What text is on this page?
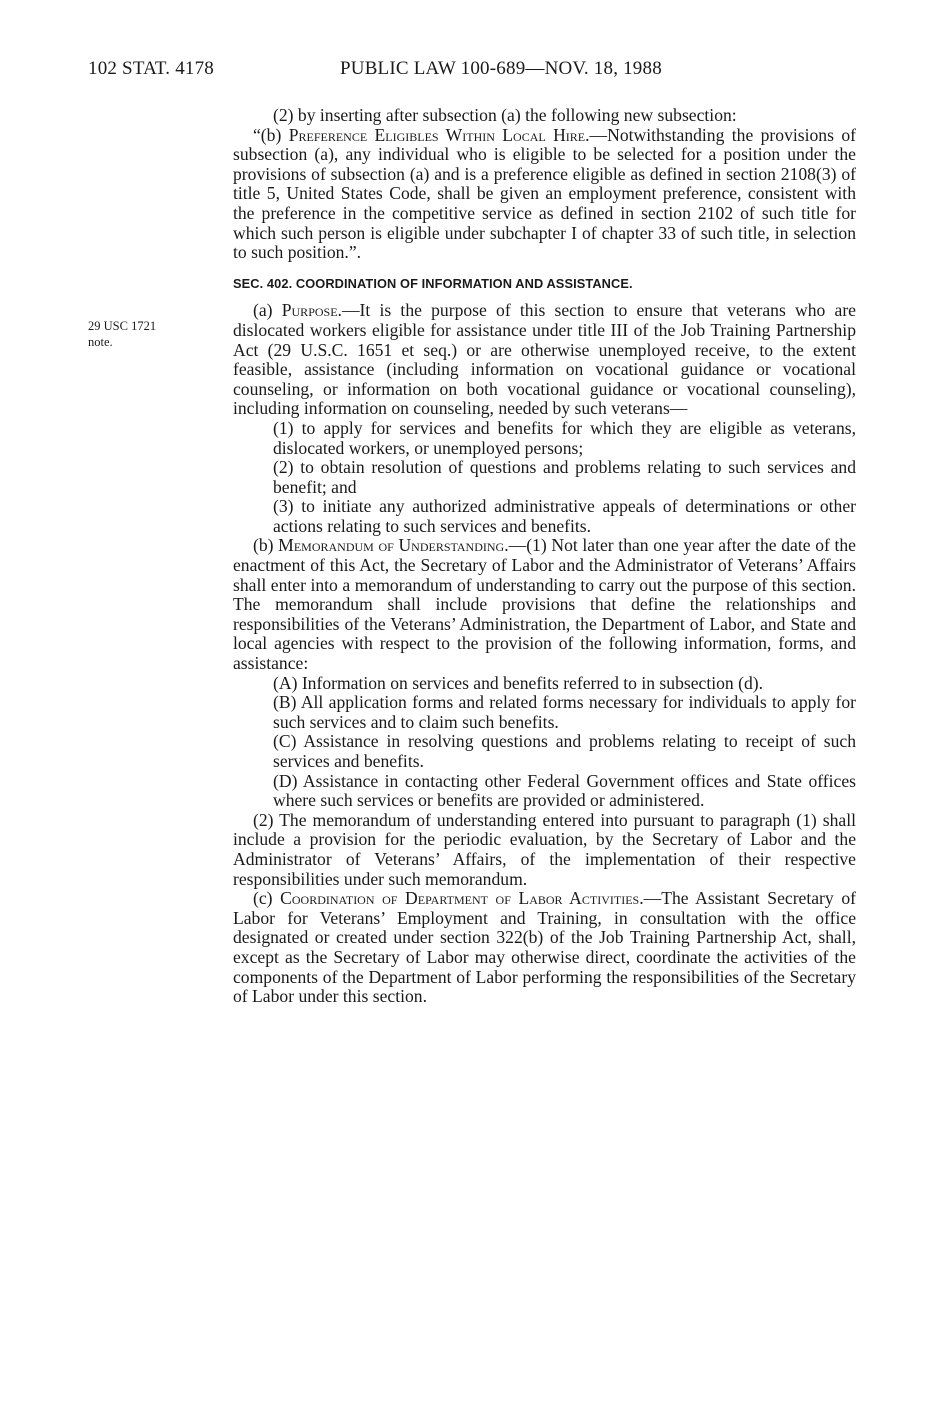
102 STAT. 4178	PUBLIC LAW 100-689—NOV. 18, 1988
29 USC 1721
note.

(2) by inserting after subsection (a) the following new subsection:

“(b) Preference Eligibles Within Local Hire.—Notwithstanding the provisions of subsection (a), any individual who is eligible to be selected for a position under the provisions of subsection (a) and is a preference eligible as defined in section 2108(3) of title 5, United States Code, shall be given an employment preference, consistent with the preference in the competitive service as defined in section 2102 of such title for which such person is eligible under subchapter I of chapter 33 of such title, in selection to such position.”.

SEC. 402. COORDINATION OF INFORMATION AND ASSISTANCE.

(a) Purpose.—It is the purpose of this section to ensure that veterans who are dislocated workers eligible for assistance under title III of the Job Training Partnership Act (29 U.S.C. 1651 et seq.) or are otherwise unemployed receive, to the extent feasible, assistance (including information on vocational guidance or vocational counseling, or information on both vocational guidance or vocational counseling), including information on counseling, needed by such veterans—

(1) to apply for services and benefits for which they are eligible as veterans, dislocated workers, or unemployed persons;

(2) to obtain resolution of questions and problems relating to such services and benefit; and

(3) to initiate any authorized administrative appeals of determinations or other actions relating to such services and benefits.

(b) Memorandum of Understanding.—(1) Not later than one year after the date of the enactment of this Act, the Secretary of Labor and the Administrator of Veterans’ Affairs shall enter into a memorandum of understanding to carry out the purpose of this section. The memorandum shall include provisions that define the relationships and responsibilities of the Veterans’ Administration, the Department of Labor, and State and local agencies with respect to the provision of the following information, forms, and assistance:

(A) Information on services and benefits referred to in subsection (d).

(B) All application forms and related forms necessary for individuals to apply for such services and to claim such benefits.

(C) Assistance in resolving questions and problems relating to receipt of such services and benefits.

(D) Assistance in contacting other Federal Government offices and State offices where such services or benefits are provided or administered.

(2) The memorandum of understanding entered into pursuant to paragraph (1) shall include a provision for the periodic evaluation, by the Secretary of Labor and the Administrator of Veterans’ Affairs, of the implementation of their respective responsibilities under such memorandum.

(c) Coordination of Department of Labor Activities.—The Assistant Secretary of Labor for Veterans’ Employment and Training, in consultation with the office designated or created under section 322(b) of the Job Training Partnership Act, shall, except as the Secretary of Labor may otherwise direct, coordinate the activities of the components of the Department of Labor performing the responsibilities of the Secretary of Labor under this section.
